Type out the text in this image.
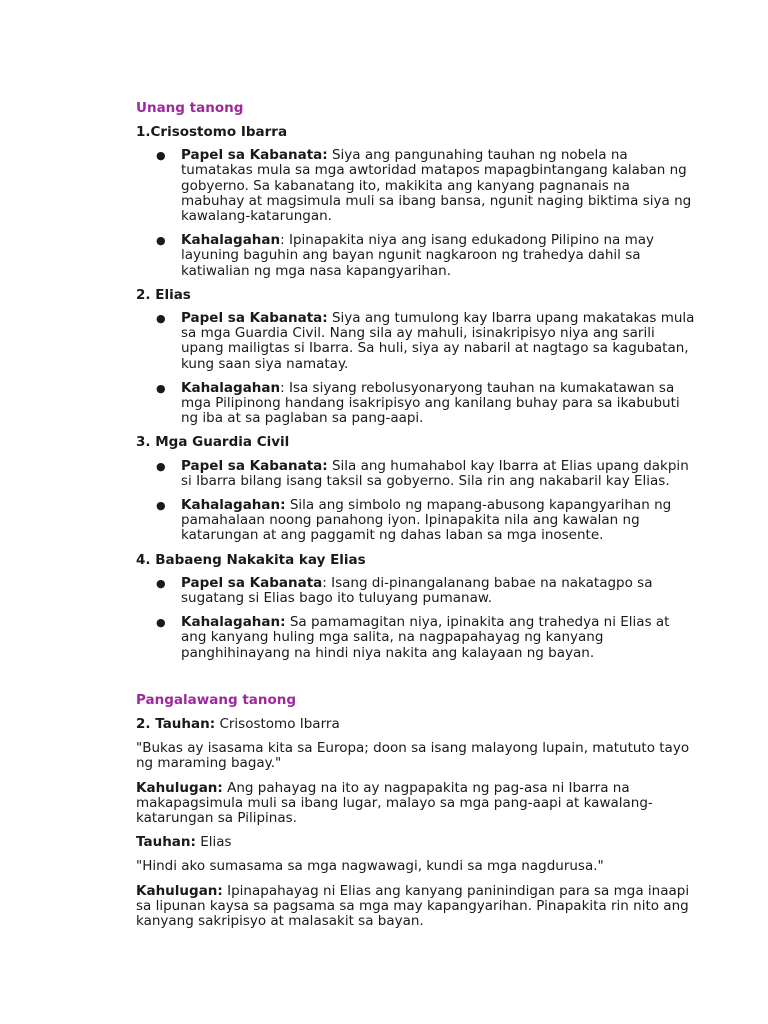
Unang tanong

1.Crisostomo Ibarra

● Papel sa Kabanata: Siya ang pangunahing tauhan ng nobela na tumatakas mula sa mga awtoridad matapos mapagbintangang kalaban ng gobyerno. Sa kabanatang ito, makikita ang kanyang pagnanais na mabuhay at magsimula muli sa ibang bansa, ngunit naging biktima siya ng kawalang-katarungan.
● Kahalagahan: Ipinapakita niya ang isang edukadong Pilipino na may layuning baguhin ang bayan ngunit nagkaroon ng trahedya dahil sa katiwalian ng mga nasa kapangyarihan.

2. Elias

● Papel sa Kabanata: Siya ang tumulong kay Ibarra upang makatakas mula sa mga Guardia Civil. Nang sila ay mahuli, isinakripisyo niya ang sarili upang mailigtas si Ibarra. Sa huli, siya ay nabaril at nagtago sa kagubatan, kung saan siya namatay.
● Kahalagahan: Isa siyang rebolusyonaryong tauhan na kumakatawan sa mga Pilipinong handang isakripisyo ang kanilang buhay para sa ikabubuti ng iba at sa paglaban sa pang-aapi.

3. Mga Guardia Civil

● Papel sa Kabanata: Sila ang humahabol kay Ibarra at Elias upang dakpin si Ibarra bilang isang taksil sa gobyerno. Sila rin ang nakabaril kay Elias.
● Kahalagahan: Sila ang simbolo ng mapang-abusong kapangyarihan ng pamahalaan noong panahong iyon. Ipinapakita nila ang kawalan ng katarungan at ang paggamit ng dahas laban sa mga inosente.

4. Babaeng Nakakita kay Elias

● Papel sa Kabanata: Isang di-pinangalanang babae na nakatagpo sa sugatang si Elias bago ito tuluyang pumanaw.
● Kahalagahan: Sa pamamagitan niya, ipinakita ang trahedya ni Elias at ang kanyang huling mga salita, na nagpapahayag ng kanyang panghihinayang na hindi niya nakita ang kalayaan ng bayan.

Pangalawang tanong

2. Tauhan: Crisostomo Ibarra

"Bukas ay isasama kita sa Europa; doon sa isang malayong lupain, matututo tayo ng maraming bagay."

Kahulugan: Ang pahayag na ito ay nagpapakita ng pag-asa ni Ibarra na makapagsimula muli sa ibang lugar, malayo sa mga pang-aapi at kawalang-katarungan sa Pilipinas.

Tauhan: Elias

"Hindi ako sumasama sa mga nagwawagi, kundi sa mga nagdurusa."

Kahulugan: Ipinapahayag ni Elias ang kanyang paninindigan para sa mga inaapi sa lipunan kaysa sa pagsama sa mga may kapangyarihan. Pinapakita rin nito ang kanyang sakripisyo at malasakit sa bayan.
